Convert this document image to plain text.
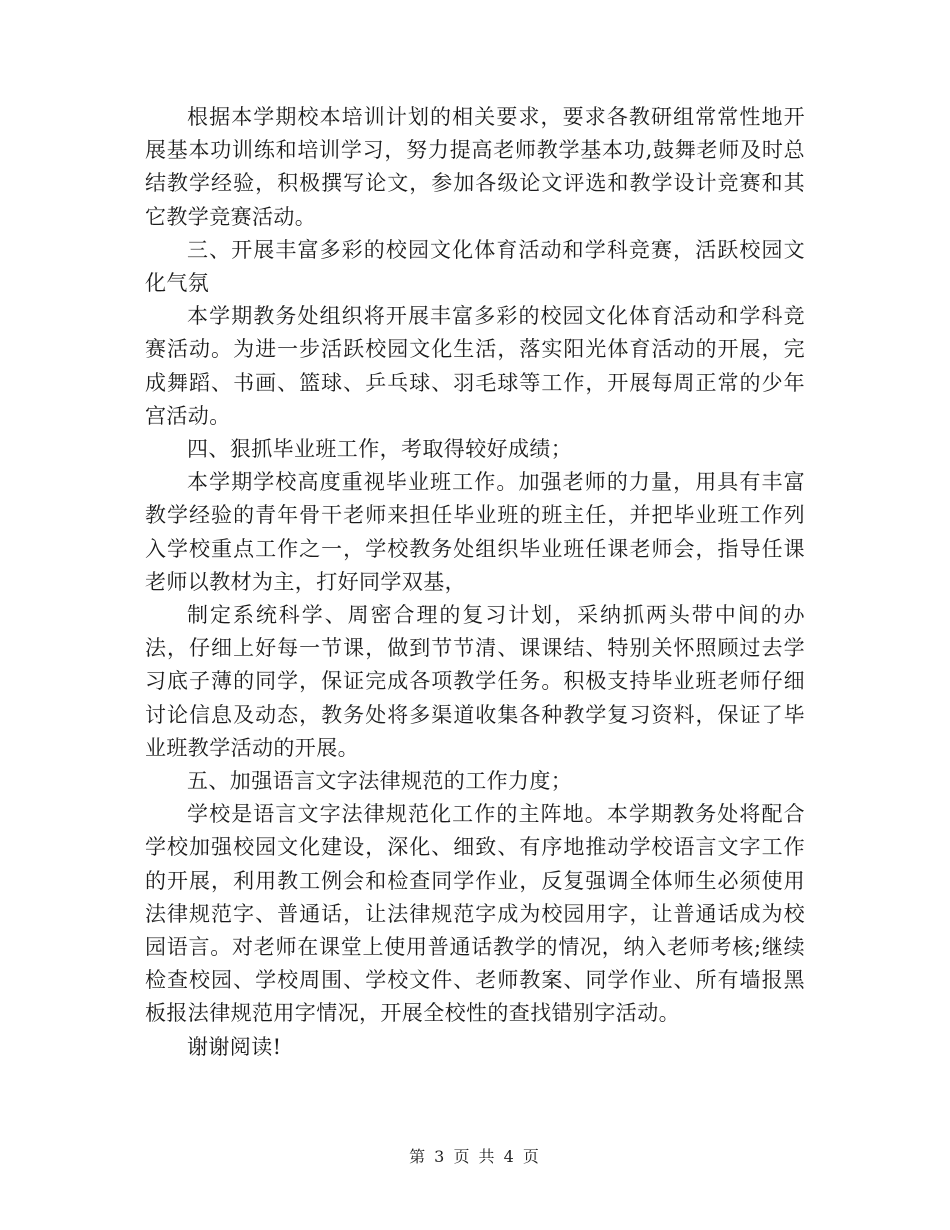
根据本学期校本培训计划的相关要求，要求各教研组常常性地开展基本功训练和培训学习，努力提高老师教学基本功,鼓舞老师及时总结教学经验，积极撰写论文，参加各级论文评选和教学设计竞赛和其它教学竞赛活动。

三、开展丰富多彩的校园文化体育活动和学科竞赛，活跃校园文化气氛

本学期教务处组织将开展丰富多彩的校园文化体育活动和学科竞赛活动。为进一步活跃校园文化生活，落实阳光体育活动的开展，完成舞蹈、书画、篮球、乒乓球、羽毛球等工作，开展每周正常的少年宫活动。

四、狠抓毕业班工作，考取得较好成绩；

本学期学校高度重视毕业班工作。加强老师的力量，用具有丰富教学经验的青年骨干老师来担任毕业班的班主任，并把毕业班工作列入学校重点工作之一，学校教务处组织毕业班任课老师会，指导任课老师以教材为主，打好同学双基，

制定系统科学、周密合理的复习计划，采纳抓两头带中间的办法，仔细上好每一节课，做到节节清、课课结、特别关怀照顾过去学习底子薄的同学，保证完成各项教学任务。积极支持毕业班老师仔细讨论信息及动态，教务处将多渠道收集各种教学复习资料，保证了毕业班教学活动的开展。

五、加强语言文字法律规范的工作力度；

学校是语言文字法律规范化工作的主阵地。本学期教务处将配合学校加强校园文化建设，深化、细致、有序地推动学校语言文字工作的开展，利用教工例会和检查同学作业，反复强调全体师生必须使用法律规范字、普通话，让法律规范字成为校园用字，让普通话成为校园语言。对老师在课堂上使用普通话教学的情况，纳入老师考核;继续检查校园、学校周围、学校文件、老师教案、同学作业、所有墙报黑板报法律规范用字情况，开展全校性的查找错别字活动。

谢谢阅读!

第 3 页 共 4 页
